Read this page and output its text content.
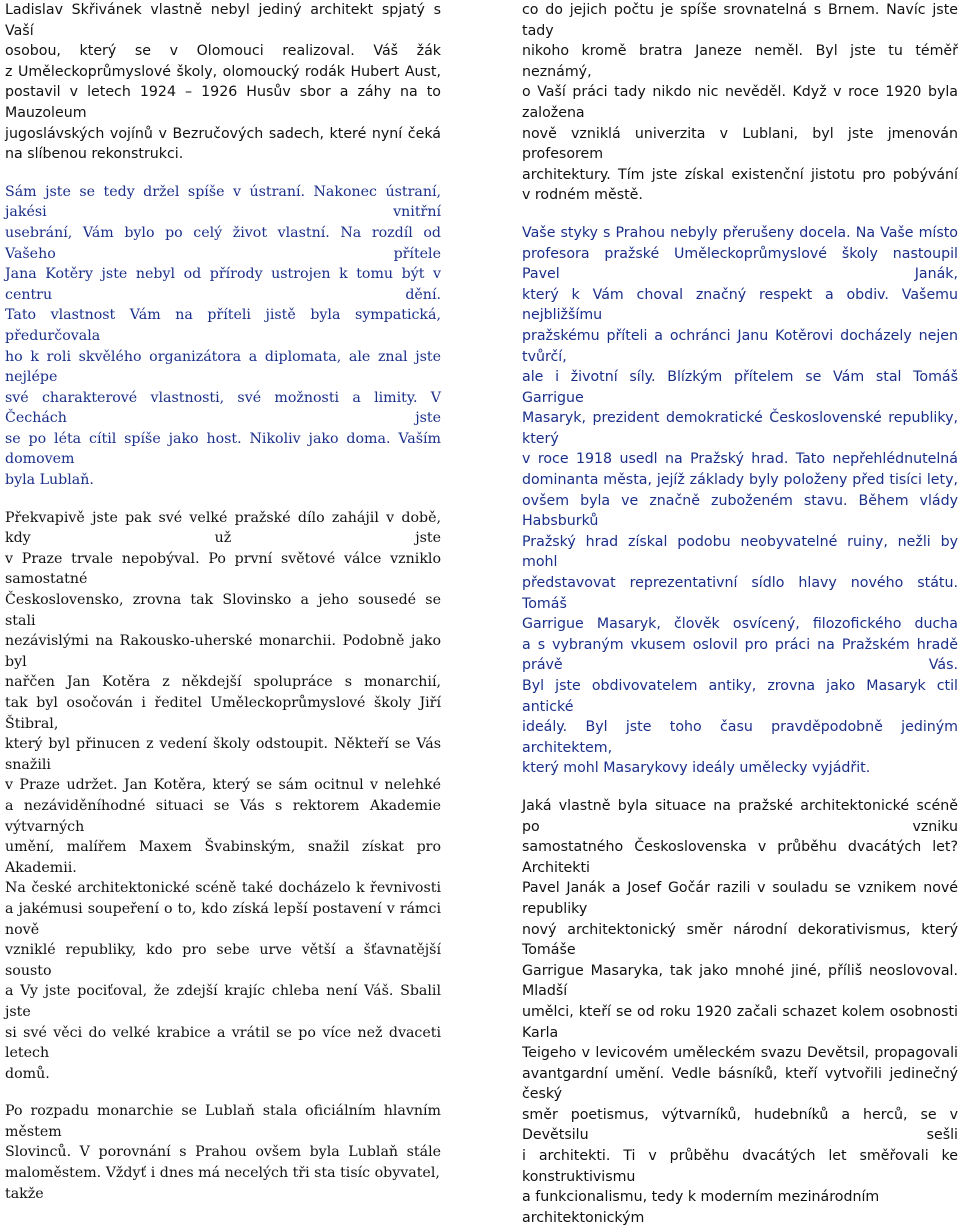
Ladislav Skřivánek vlastně nebyl jediný architekt spjatý s Vaší
osobou, který se v Olomouci realizoval. Váš žák
z Uměleckoprůmyslové školy, olomoucký rodák Hubert Aust,
postavil v letech 1924 – 1926 Husův sbor a záhy na to Mauzoleum
jugoslávských vojínů v Bezručových sadech, které nyní čeká
na slíbenou rekonstrukci.

Sám jste se tedy držel spíše v ústraní. Nakonec ústraní, jakési vnitřní
usebrání, Vám bylo po celý život vlastní. Na rozdíl od Vašeho přítele
Jana Kotěry jste nebyl od přírody ustrojen k tomu být v centru dění.
Tato vlastnost Vám na příteli jistě byla sympatická, předurčovala
ho k roli skvělého organizátora a diplomata, ale znal jste nejlépe
své charakterové vlastnosti, své možnosti a limity. V Čechách jste
se po léta cítil spíše jako host. Nikoliv jako doma. Vaším domovem
byla Lublaň.

Překvapivě jste pak své velké pražské dílo zahájil v době, kdy už jste
v Praze trvale nepobýval. Po první světové válce vzniklo samostatné
Československo, zrovna tak Slovinsko a jeho sousedé se stali
nezávislými na Rakousko-uherské monarchii. Podobně jako byl
nařčen Jan Kotěra z někdejší spolupráce s monarchií,
tak byl osočován i ředitel Uměleckoprůmyslové školy Jiří Štibral,
který byl přinucen z vedení školy odstoupit. Někteří se Vás snažili
v Praze udržet. Jan Kotěra, který se sám ocitnul v nelehké
a nezáviděníhodné situaci se Vás s rektorem Akademie výtvarných
umění, malířem Maxem Švabinským, snažil získat pro Akademii.
Na české architektonické scéně také docházelo k řevnivosti
a jakémusi soupeření o to, kdo získá lepší postavení v rámci nově
vzniklé republiky, kdo pro sebe urve větší a šťavnatější sousto
a Vy jste pociťoval, že zdejší krajíc chleba není Váš. Sbalil jste
si své věci do velké krabice a vrátil se po více než dvaceti letech
domů.

Po rozpadu monarchie se Lublaň stala oficiálním hlavním městem
Slovinců. V porovnání s Prahou ovšem byla Lublaň stále
maloměstem. Vždyť i dnes má necelých tři sta tisíc obyvatel, takže

co do jejich počtu je spíše srovnatelná s Brnem. Navíc jste tady
nikoho kromě bratra Janeze neměl. Byl jste tu téměř neznámý,
o Vaší práci tady nikdo nic nevěděl. Když v roce 1920 byla založena
nově vzniklá univerzita v Lublani, byl jste jmenován profesorem
architektury. Tím jste získal existenční jistotu pro pobývání
v rodném městě.

Vaše styky s Prahou nebyly přerušeny docela. Na Vaše místo
profesora pražské Uměleckoprůmyslové školy nastoupil Pavel Janák,
který k Vám choval značný respekt a obdiv. Vašemu nejbližšímu
pražskému příteli a ochránci Janu Kotěrovi docházely nejen tvůrčí,
ale i životní síly. Blízkým přítelem se Vám stal Tomáš Garrigue
Masaryk, prezident demokratické Československé republiky, který
v roce 1918 usedl na Pražský hrad. Tato nepřehlédnutelná
dominanta města, jejíž základy byly položeny před tisíci lety,
ovšem byla ve značně zuboženém stavu. Během vlády Habsburků
Pražský hrad získal podobu neobyvatelné ruiny, nežli by mohl
představovat reprezentativní sídlo hlavy nového státu. Tomáš
Garrigue Masaryk, člověk osvícený, filozofického ducha
a s vybraným vkusem oslovil pro práci na Pražském hradě právě Vás.
Byl jste obdivovatelem antiky, zrovna jako Masaryk ctil antické
ideály. Byl jste toho času pravděpodobně jediným architektem,
který mohl Masarykovy ideály umělecky vyjádřit.

Jaká vlastně byla situace na pražské architektonické scéně po vzniku
samostatného Československa v průběhu dvacátých let? Architekti
Pavel Janák a Josef Gočár razili v souladu se vznikem nové republiky
nový architektonický směr národní dekorativismus, který Tomáše
Garrigue Masaryka, tak jako mnohé jiné, příliš neoslovoval. Mladší
umělci, kteří se od roku 1920 začali schazet kolem osobnosti Karla
Teigeho v levicovém uměleckém svazu Devětsil, propagovali
avantgardní umění. Vedle básníků, kteří vytvořili jedinečný český
směr poetismus, výtvarníků, hudebníků a herců, se v Devětsilu sešli
i architekti. Ti v průběhu dvacátých let směřovali ke konstruktivismu
a funkcionalismu, tedy k moderním mezinárodním architektonickým
